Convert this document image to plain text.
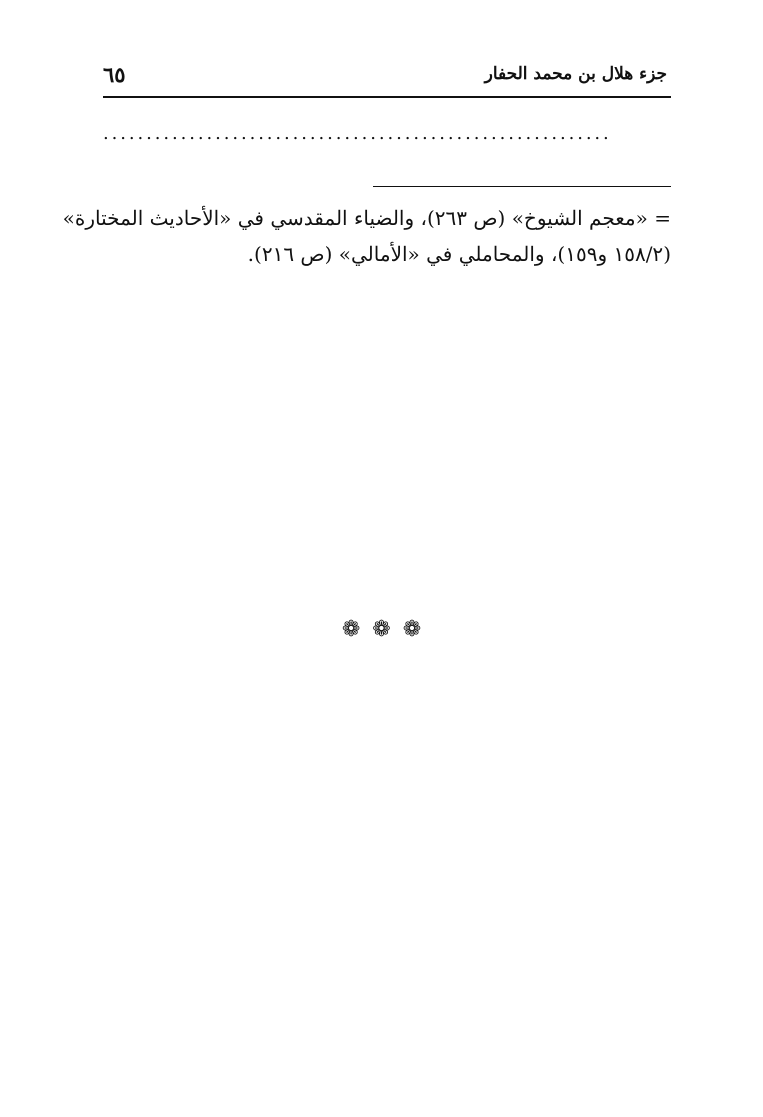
٦٥	جزء هلال بن محمد الحفار
...........................................................
= «معجم الشيوخ» (ص ٢٦٣)، والضياء المقدسي في «الأحاديث المختارة»
(١٥٨/٢ و١٥٩)، والمحاملي في «الأمالي» (ص ٢١٦).
❁❁❁
